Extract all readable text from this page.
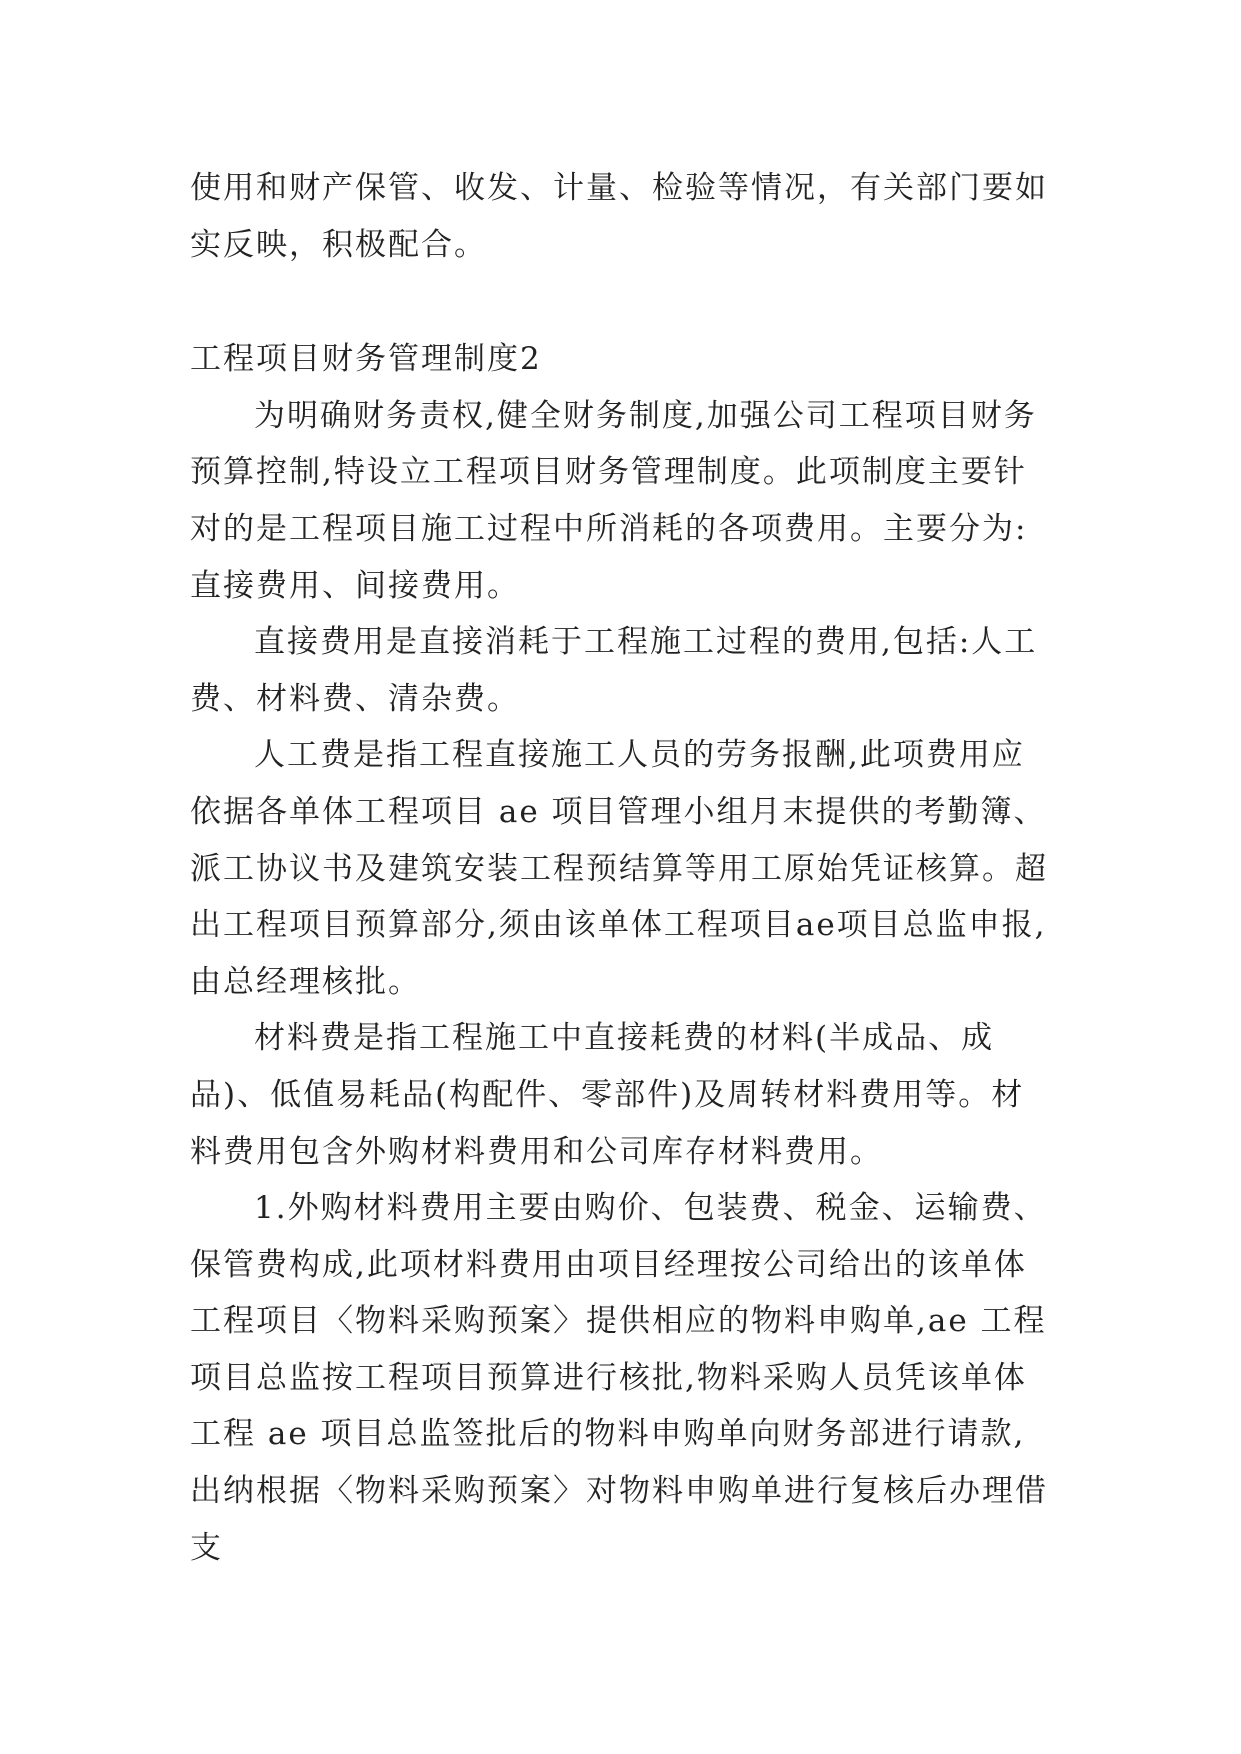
使用和财产保管、收发、计量、检验等情况，有关部门要如实反映，积极配合。

工程项目财务管理制度2

为明确财务责权,健全财务制度,加强公司工程项目财务预算控制,特设立工程项目财务管理制度。此项制度主要针对的是工程项目施工过程中所消耗的各项费用。主要分为:直接费用、间接费用。

直接费用是直接消耗于工程施工过程的费用,包括:人工费、材料费、清杂费。

人工费是指工程直接施工人员的劳务报酬,此项费用应依据各单体工程项目 ae 项目管理小组月末提供的考勤簿、派工协议书及建筑安装工程预结算等用工原始凭证核算。超出工程项目预算部分,须由该单体工程项目ae项目总监申报,由总经理核批。

材料费是指工程施工中直接耗费的材料(半成品、成品)、低值易耗品(构配件、零部件)及周转材料费用等。材料费用包含外购材料费用和公司库存材料费用。

1.外购材料费用主要由购价、包装费、税金、运输费、保管费构成,此项材料费用由项目经理按公司给出的该单体工程项目〈物料采购预案〉提供相应的物料申购单,ae 工程项目总监按工程项目预算进行核批,物料采购人员凭该单体工程 ae 项目总监签批后的物料申购单向财务部进行请款,出纳根据〈物料采购预案〉对物料申购单进行复核后办理借支
